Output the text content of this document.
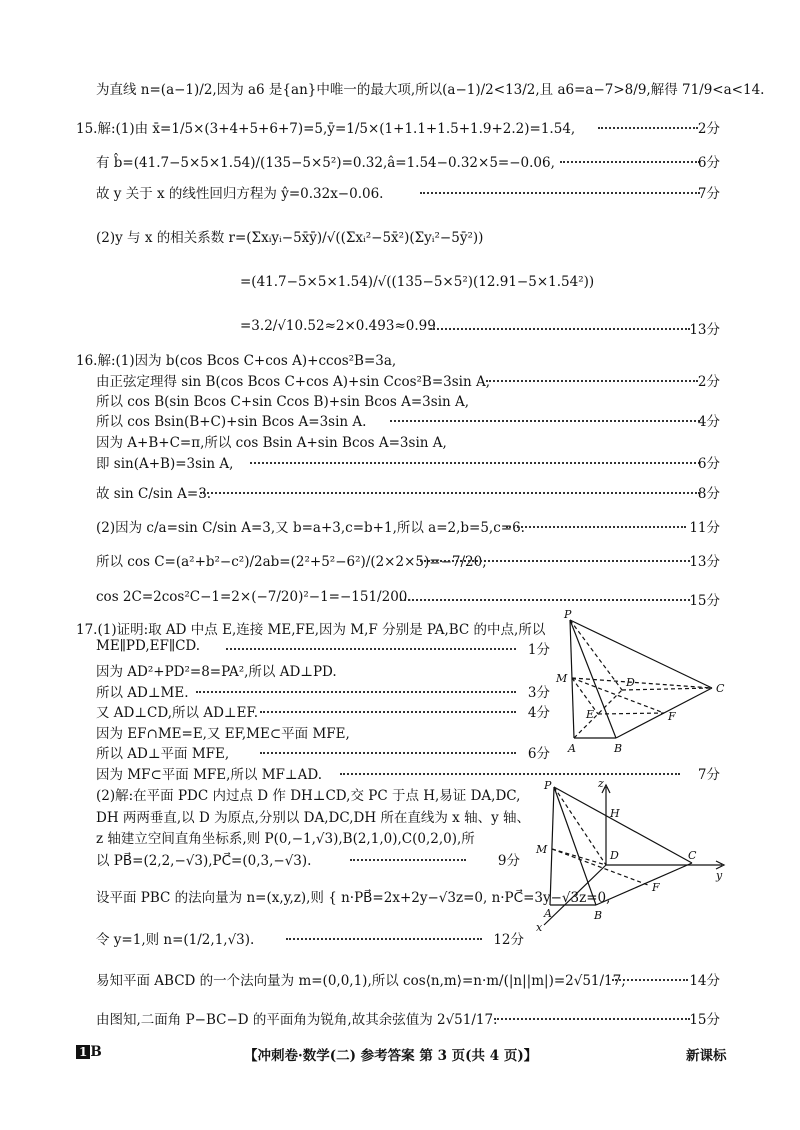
为直线 n=(a−1)/2,因为 a6 是{an}中唯一的最大项,所以(a−1)/2<13/2,且 a6=a−7>8/9,解得 71/9<a<14.
15.解:(1)由 x̄=1/5×(3+4+5+6+7)=5,ȳ=1/5×(1+1.1+1.5+1.9+2.2)=1.54,	2分
有 b̂=(41.7−5×5×1.54)/(135−5×5²)=0.32,â=1.54−0.32×5=−0.06,	6分
故 y 关于 x 的线性回归方程为 ŷ=0.32x−0.06.	7分
(2)y 与 x 的相关系数 r=(Σxᵢyᵢ−5x̄ȳ)/√((Σxᵢ²−5x̄²)(Σyᵢ²−5ȳ²))
=(41.7−5×5×1.54)/√((135−5×5²)(12.91−5×1.54²))
=3.2/√10.52≈2×0.493≈0.99.	13分
16.解:(1)因为 b(cos Bcos C+cos A)+ccos²B=3a,
由正弦定理得 sin B(cos Bcos C+cos A)+sin Ccos²B=3sin A,	2分
所以 cos B(sin Bcos C+sin Ccos B)+sin Bcos A=3sin A,
所以 cos Bsin(B+C)+sin Bcos A=3sin A.	4分
因为 A+B+C=π,所以 cos Bsin A+sin Bcos A=3sin A,
即 sin(A+B)=3sin A,	6分
故 sin C/sin A=3.	8分
(2)因为 c/a=sin C/sin A=3,又 b=a+3,c=b+1,所以 a=2,b=5,c=6.	11分
所以 cos C=(a²+b²−c²)/2ab=(2²+5²−6²)/(2×2×5)=−7/20,	13分
cos 2C=2cos²C−1=2×(−7/20)²−1=−151/200.	15分
17.(1)证明:取 AD 中点 E,连接 ME,FE,因为 M,F 分别是 PA,BC 的中点,所以
ME∥PD,EF∥CD.	1分
因为 AD²+PD²=8=PA²,所以 AD⊥PD.
所以 AD⊥ME.	3分
又 AD⊥CD,所以 AD⊥EF.	4分
因为 EF∩ME=E,又 EF,ME⊂平面 MFE,
所以 AD⊥平面 MFE,	6分
因为 MF⊂平面 MFE,所以 MF⊥AD.	7分
(2)解:在平面 PDC 内过点 D 作 DH⊥CD,交 PC 于点 H,易证 DA,DC,
DH 两两垂直,以 D 为原点,分别以 DA,DC,DH 所在直线为 x 轴、y 轴、
z 轴建立空间直角坐标系,则 P(0,−1,√3),B(2,1,0),C(0,2,0),所
以 PB⃗=(2,2,−√3),PC⃗=(0,3,−√3).	9分
设平面 PBC 的法向量为 n=(x,y,z),则 { n·PB⃗=2x+2y−√3z=0, n·PC⃗=3y−√3z=0,
令 y=1,则 n=(1/2,1,√3).	12分
易知平面 ABCD 的一个法向量为 m=(0,0,1),所以 cos⟨n,m⟩=n·m/(|n||m|)=2√51/17,	14分
由图知,二面角 P−BC−D 的平面角为锐角,故其余弦值为 2√51/17.	15分
P
M	D	C
E	F
A	B
z
P
H
M	D	C
y
F
A	B
x
1 B	【冲刺卷·数学(二) 参考答案 第 3 页(共 4 页)】	新课标
